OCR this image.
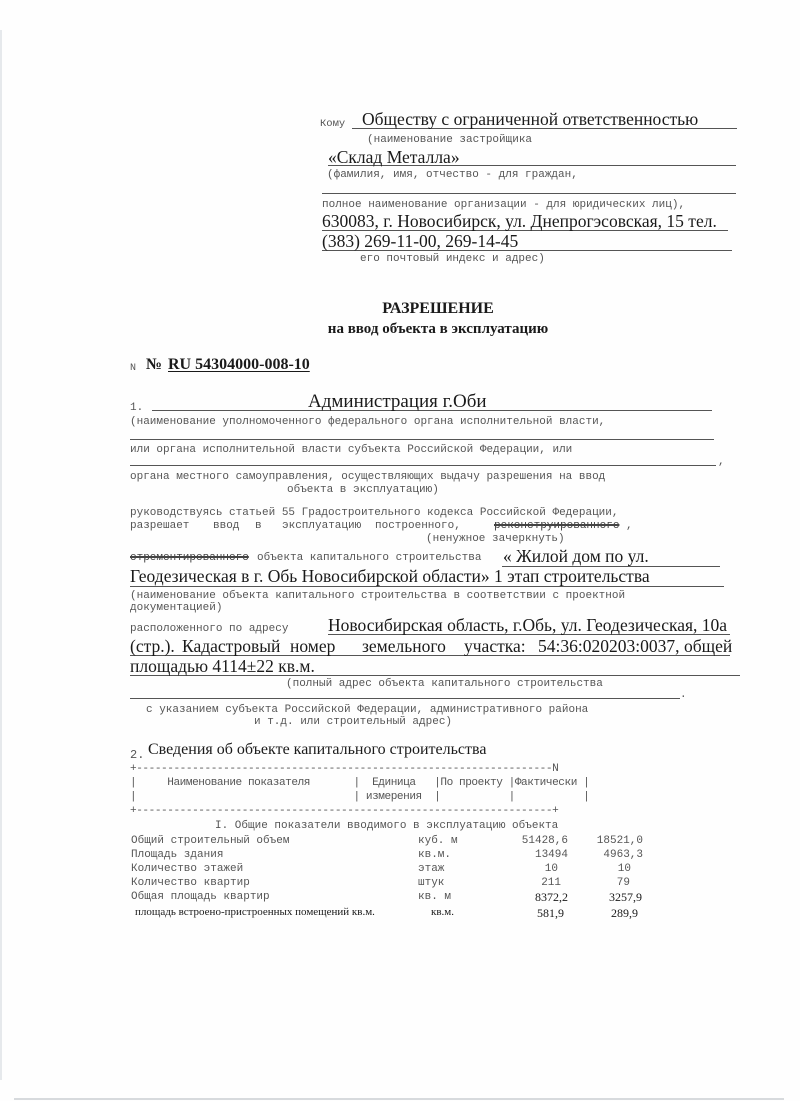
Кому Обществу с ограниченной ответственностью
(наименование застройщика
«Склад Металла»
(фамилия, имя, отчество - для граждан,
полное наименование организации - для юридических лиц),
630083, г. Новосибирск, ул. Днепрогэсовская, 15 тел.
(383) 269-11-00, 269-14-45
его почтовый индекс и адрес)
РАЗРЕШЕНИЕ
на ввод объекта в эксплуатацию
N № RU 54304000-008-10
1.	Администрация г.Оби
(наименование уполномоченного федерального органа исполнительной власти,
или органа исполнительной власти субъекта Российской Федерации, или
,
органа местного самоуправления, осуществляющих выдачу разрешения на ввод
объекта в эксплуатацию)
руководствуясь статьей 55 Градостроительного кодекса Российской Федерации,
разрешает ввод в эксплуатацию построенного,	реконструированного ,
(ненужное зачеркнуть)
отремонтированного объекта капитального строительства « Жилой дом по ул.
Геодезическая в г. Обь Новосибирской области» 1 этап строительства
(наименование объекта капитального строительства в соответствии с проектной
документацией)
расположенного по адресу Новосибирская область, г.Обь, ул. Геодезическая, 10а
(стр.). Кадастровый номер земельного участка: 54:36:020203:0037, общей
площадью 4114±22 кв.м.
(полный адрес объекта капитального строительства
.
с указанием субъекта Российской Федерации, административного района
и т.д. или строительный адрес)
2. Сведения об объекте капитального строительства
+-------------------------------------------------------------------N
|     Наименование показателя       |  Единица   |По проекту |Фактически |
|                                   | измерения  |           |           |
+-------------------------------------------------------------------+
I. Общие показатели вводимого в эксплуатацию объекта
Общий строительный объем	куб. м	51428,6	18521,0
Площадь здания	кв.м.	13494	4963,3
Количество этажей	этаж	10	10
Количество квартир	штук	211	79
Общая площадь квартир	кв. м	8372,2	3257,9
площадь встроено-пристроенных помещений кв.м.	кв.м.	581,9	289,9
